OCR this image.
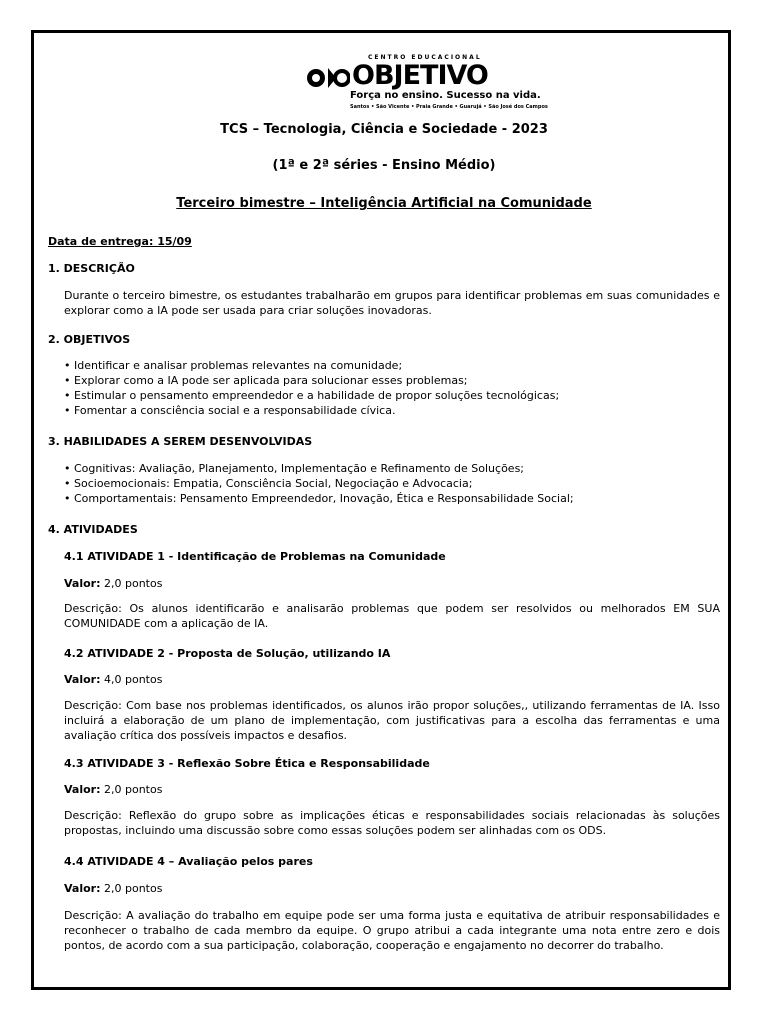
CENTRO EDUCACIONAL
OBJETIVO
Força no ensino. Sucesso na vida.
Santos • São Vicente • Praia Grande • Guarujá • São José dos Campos
TCS – Tecnologia, Ciência e Sociedade - 2023
(1ª e 2ª séries - Ensino Médio)
Terceiro bimestre – Inteligência Artificial na Comunidade
Data de entrega: 15/09
1. DESCRIÇÃO
Durante o terceiro bimestre, os estudantes trabalharão em grupos para identificar problemas em suas comunidades e explorar como a IA pode ser usada para criar soluções inovadoras.
2. OBJETIVOS
• Identificar e analisar problemas relevantes na comunidade;
• Explorar como a IA pode ser aplicada para solucionar esses problemas;
• Estimular o pensamento empreendedor e a habilidade de propor soluções tecnológicas;
• Fomentar a consciência social e a responsabilidade cívica.
3. HABILIDADES A SEREM DESENVOLVIDAS
• Cognitivas: Avaliação, Planejamento, Implementação e Refinamento de Soluções;
• Socioemocionais: Empatia, Consciência Social, Negociação e Advocacia;
• Comportamentais: Pensamento Empreendedor, Inovação, Ética e Responsabilidade Social;
4. ATIVIDADES
4.1 ATIVIDADE 1 - Identificação de Problemas na Comunidade
Valor: 2,0 pontos
Descrição: Os alunos identificarão e analisarão problemas que podem ser resolvidos ou melhorados EM SUA COMUNIDADE com a aplicação de IA.
4.2 ATIVIDADE 2 - Proposta de Solução, utilizando IA
Valor: 4,0 pontos
Descrição: Com base nos problemas identificados, os alunos irão propor soluções,, utilizando ferramentas de IA. Isso incluirá a elaboração de um plano de implementação, com justificativas para a escolha das ferramentas e uma avaliação crítica dos possíveis impactos e desafios.
4.3 ATIVIDADE 3 - Reflexão Sobre Ética e Responsabilidade
Valor: 2,0 pontos
Descrição: Reflexão do grupo sobre as implicações éticas e responsabilidades sociais relacionadas às soluções propostas, incluindo uma discussão sobre como essas soluções podem ser alinhadas com os ODS.
4.4 ATIVIDADE 4 – Avaliação pelos pares
Valor: 2,0 pontos
Descrição: A avaliação do trabalho em equipe pode ser uma forma justa e equitativa de atribuir responsabilidades e reconhecer o trabalho de cada membro da equipe. O grupo atribui a cada integrante uma nota entre zero e dois pontos, de acordo com a sua participação, colaboração, cooperação e engajamento no decorrer do trabalho.
